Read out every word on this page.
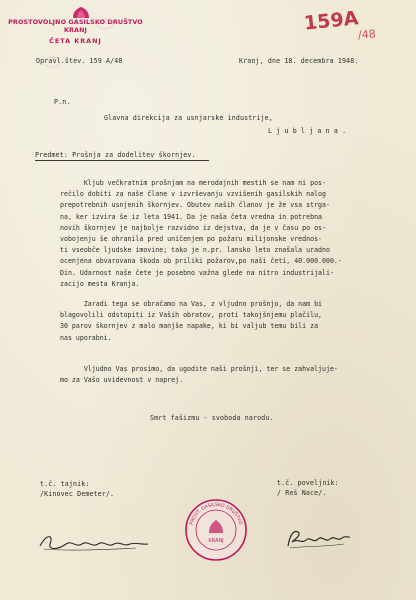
PROSTOVOLJNO GASILSKO DRUŠTVO KRANJ
ČETA KRANJ
159A
/48
Opravl.štev. 159 A/48	Kranj, dne 18. decembra 1948.
P.n.
Glavna direkcija za usnjarske industrije,
L j u b l j a n a .
Predmet: Prošnja za dodelitev škornjev.
Kljub večkratnim prošnjam na merodajnih mestih se nam ni pos-
rečilo dobiti za naše člane v izvrševanju vzvišenih gasilskih nalog
prepotrebnih usnjenih škornjev. Obutev naših članov je že vsa strga-
na, ker izvira še iz leta 1941. Da je naša četa vredna in potrebna
novih škornjev je najbolje razvidno iz dejstva, da je v času po os-
vobojenju še ohranila pred uničenjem po požaru milijonske vrednos-
ti vseobče ljudske imovine; tako je n.pr. lansko leto znašala uradno
ocenjena obvarovana škoda ob priliki požarov,po naši četi, 40.000.000.-
Din. Udarnost naše čete je posebno važna glede na nitro industrijali-
zacijo mesta Kranja.
Zaradi tega se obračamo na Vas, z vljudno prošnjo, da nam bi
blagovolili odstopiti iz Vaših obratov, proti takojšnjemu plačilu,
30 parov škornjev z malo manjše napake, ki bi valjub temu bili za
nas uporabni.
Vljudno Vas prosimo, da ugodite naši prošnji, ter se zahvaljuje-
mo za Vašo uvidevnost v naprej.
Smrt fašizmu - svoboda narodu.
t.č. tajnik:
/Kinovec Demeter/.
t.č. poveljnik:
/ Reš Nace/.
PROST. GASILSKO DRUŠTVO
KRANJ
